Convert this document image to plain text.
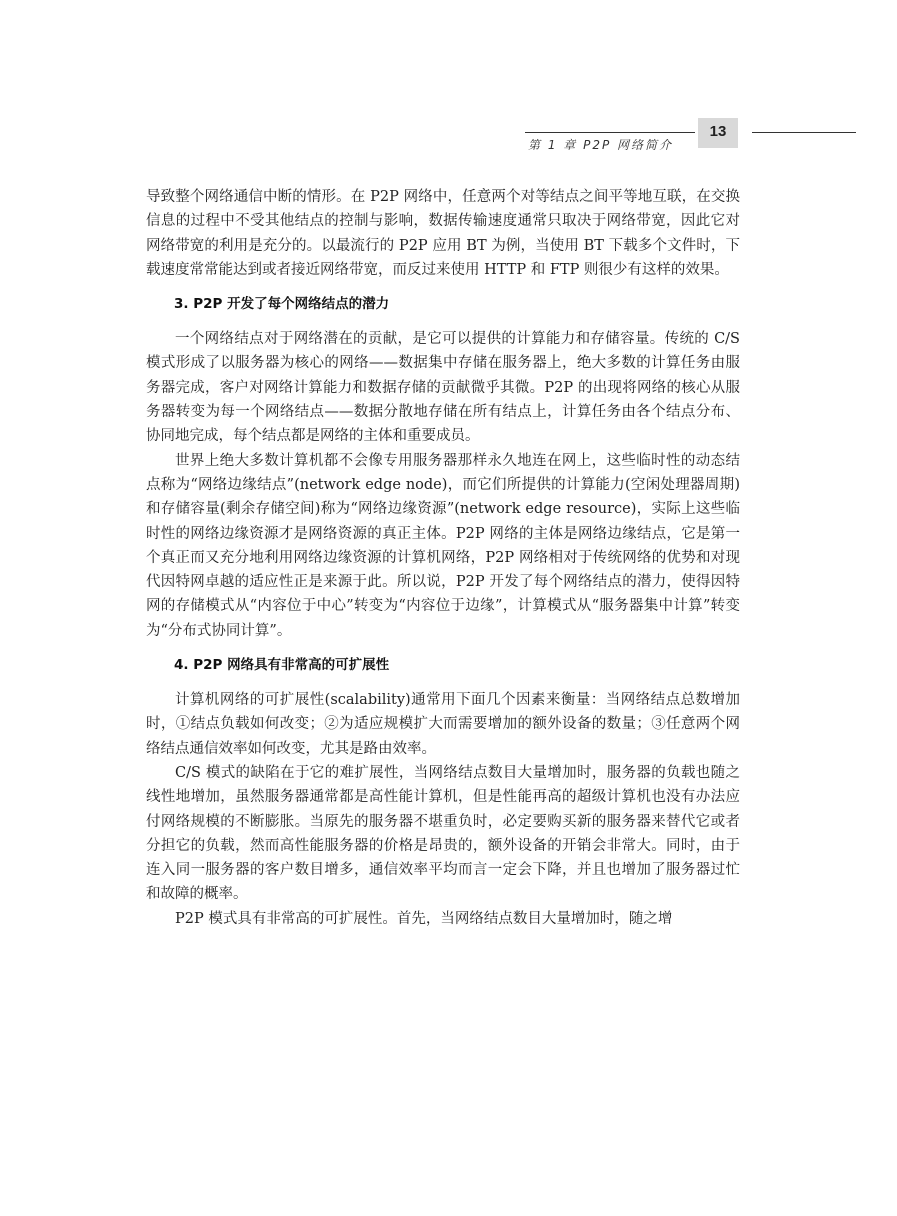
第 1 章 P2P 网络简介
13

导致整个网络通信中断的情形。在 P2P 网络中，任意两个对等结点之间平等地互联，在交换信息的过程中不受其他结点的控制与影响，数据传输速度通常只取决于网络带宽，因此它对网络带宽的利用是充分的。以最流行的 P2P 应用 BT 为例，当使用 BT 下载多个文件时，下载速度常常能达到或者接近网络带宽，而反过来使用 HTTP 和 FTP 则很少有这样的效果。

3. P2P 开发了每个网络结点的潜力

一个网络结点对于网络潜在的贡献，是它可以提供的计算能力和存储容量。传统的 C/S 模式形成了以服务器为核心的网络——数据集中存储在服务器上，绝大多数的计算任务由服务器完成，客户对网络计算能力和数据存储的贡献微乎其微。P2P 的出现将网络的核心从服务器转变为每一个网络结点——数据分散地存储在所有结点上，计算任务由各个结点分布、协同地完成，每个结点都是网络的主体和重要成员。

世界上绝大多数计算机都不会像专用服务器那样永久地连在网上，这些临时性的动态结点称为“网络边缘结点”(network edge node)，而它们所提供的计算能力(空闲处理器周期)和存储容量(剩余存储空间)称为“网络边缘资源”(network edge resource)，实际上这些临时性的网络边缘资源才是网络资源的真正主体。P2P 网络的主体是网络边缘结点，它是第一个真正而又充分地利用网络边缘资源的计算机网络，P2P 网络相对于传统网络的优势和对现代因特网卓越的适应性正是来源于此。所以说，P2P 开发了每个网络结点的潜力，使得因特网的存储模式从“内容位于中心”转变为“内容位于边缘”，计算模式从“服务器集中计算”转变为“分布式协同计算”。

4. P2P 网络具有非常高的可扩展性

计算机网络的可扩展性(scalability)通常用下面几个因素来衡量：当网络结点总数增加时，①结点负载如何改变；②为适应规模扩大而需要增加的额外设备的数量；③任意两个网络结点通信效率如何改变，尤其是路由效率。

C/S 模式的缺陷在于它的难扩展性，当网络结点数目大量增加时，服务器的负载也随之线性地增加，虽然服务器通常都是高性能计算机，但是性能再高的超级计算机也没有办法应付网络规模的不断膨胀。当原先的服务器不堪重负时，必定要购买新的服务器来替代它或者分担它的负载，然而高性能服务器的价格是昂贵的，额外设备的开销会非常大。同时，由于连入同一服务器的客户数目增多，通信效率平均而言一定会下降，并且也增加了服务器过忙和故障的概率。

P2P 模式具有非常高的可扩展性。首先，当网络结点数目大量增加时，随之增
